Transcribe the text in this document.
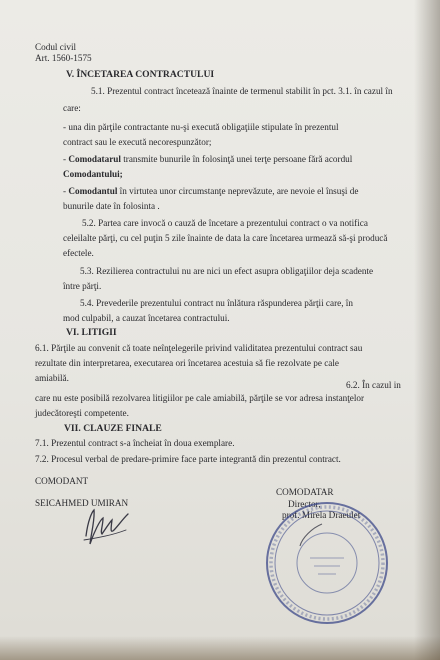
Codul civil
Art. 1560-1575
V. ÎNCETAREA CONTRACTULUI
5.1. Prezentul contract încetează înainte de termenul stabilit în pct. 3.1. în cazul în
care:
- una din părţile contractante nu-şi execută obligaţiile stipulate în prezentul
contract sau le execută necorespunzător;
- Comodatarul transmite bunurile în folosinţă unei terţe persoane fără acordul
Comodantului;
- Comodantul în virtutea unor circumstanţe neprevăzute, are nevoie el însuşi de
bunurile date în folosinta .
5.2. Partea care invocă o cauză de încetare a prezentului contract o va notifica
celeilalte părţi, cu cel puţin 5 zile înainte de data la care încetarea urmează să-şi producă
efectele.
5.3. Rezilierea contractului nu are nici un efect asupra obligaţiilor deja scadente
între părţi.
5.4. Prevederile prezentului contract nu înlătura răspunderea părţii care, în
mod culpabil, a cauzat încetarea contractului.
VI. LITIGII
6.1. Părţile au convenit că toate neînţelegerile privind validitatea prezentului contract sau
rezultate din interpretarea, executarea ori încetarea acestuia să fie rezolvate pe cale
amiabilă.
6.2. În cazul in
care nu este posibilă rezolvarea litigiilor pe cale amiabilă, părţile se vor adresa instanţelor
judecătoreşti competente.
VII. CLAUZE FINALE
7.1. Prezentul contract s-a încheiat în doua exemplare.
7.2. Procesul verbal de predare-primire face parte integrantă din prezentul contract.
COMODANT
SEICAHMED UMIRAN
COMODATAR
Director,
prof. Mirela Draeulet
